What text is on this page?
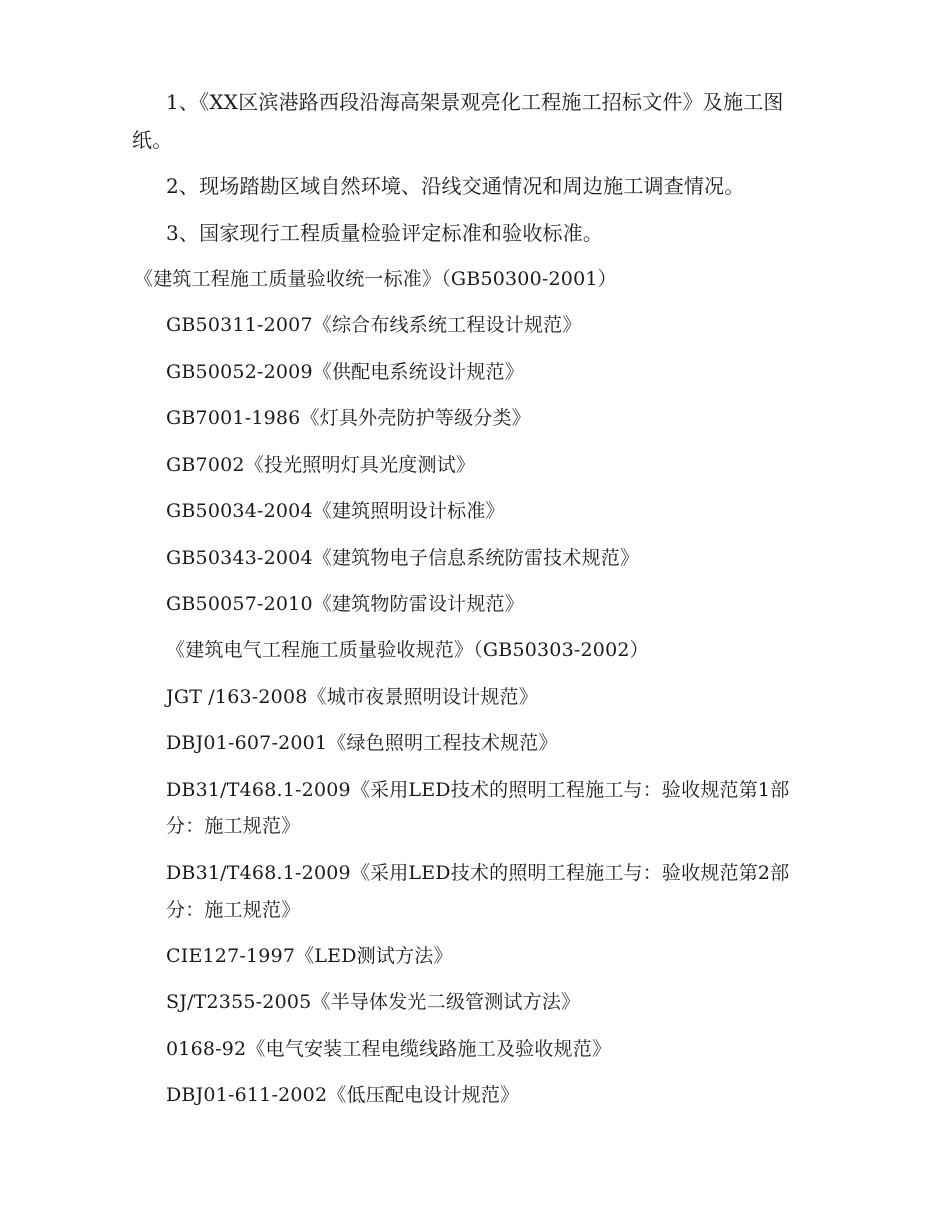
1、《XX区滨港路西段沿海高架景观亮化工程施工招标文件》及施工图
纸。
2、现场踏勘区域自然环境、沿线交通情况和周边施工调查情况。
3、国家现行工程质量检验评定标准和验收标准。
《建筑工程施工质量验收统一标准》（GB50300-2001）
GB50311-2007《综合布线系统工程设计规范》
GB50052-2009《供配电系统设计规范》
GB7001-1986《灯具外壳防护等级分类》
GB7002《投光照明灯具光度测试》
GB50034-2004《建筑照明设计标准》
GB50343-2004《建筑物电子信息系统防雷技术规范》
GB50057-2010《建筑物防雷设计规范》
《建筑电气工程施工质量验收规范》（GB50303-2002）
JGT /163-2008《城市夜景照明设计规范》
DBJ01-607-2001《绿色照明工程技术规范》
DB31/T468.1-2009《采用LED技术的照明工程施工与：验收规范第1部
分：施工规范》
DB31/T468.1-2009《采用LED技术的照明工程施工与：验收规范第2部
分：施工规范》
CIE127-1997《LED测试方法》
SJ/T2355-2005《半导体发光二级管测试方法》
0168-92《电气安装工程电缆线路施工及验收规范》
DBJ01-611-2002《低压配电设计规范》
